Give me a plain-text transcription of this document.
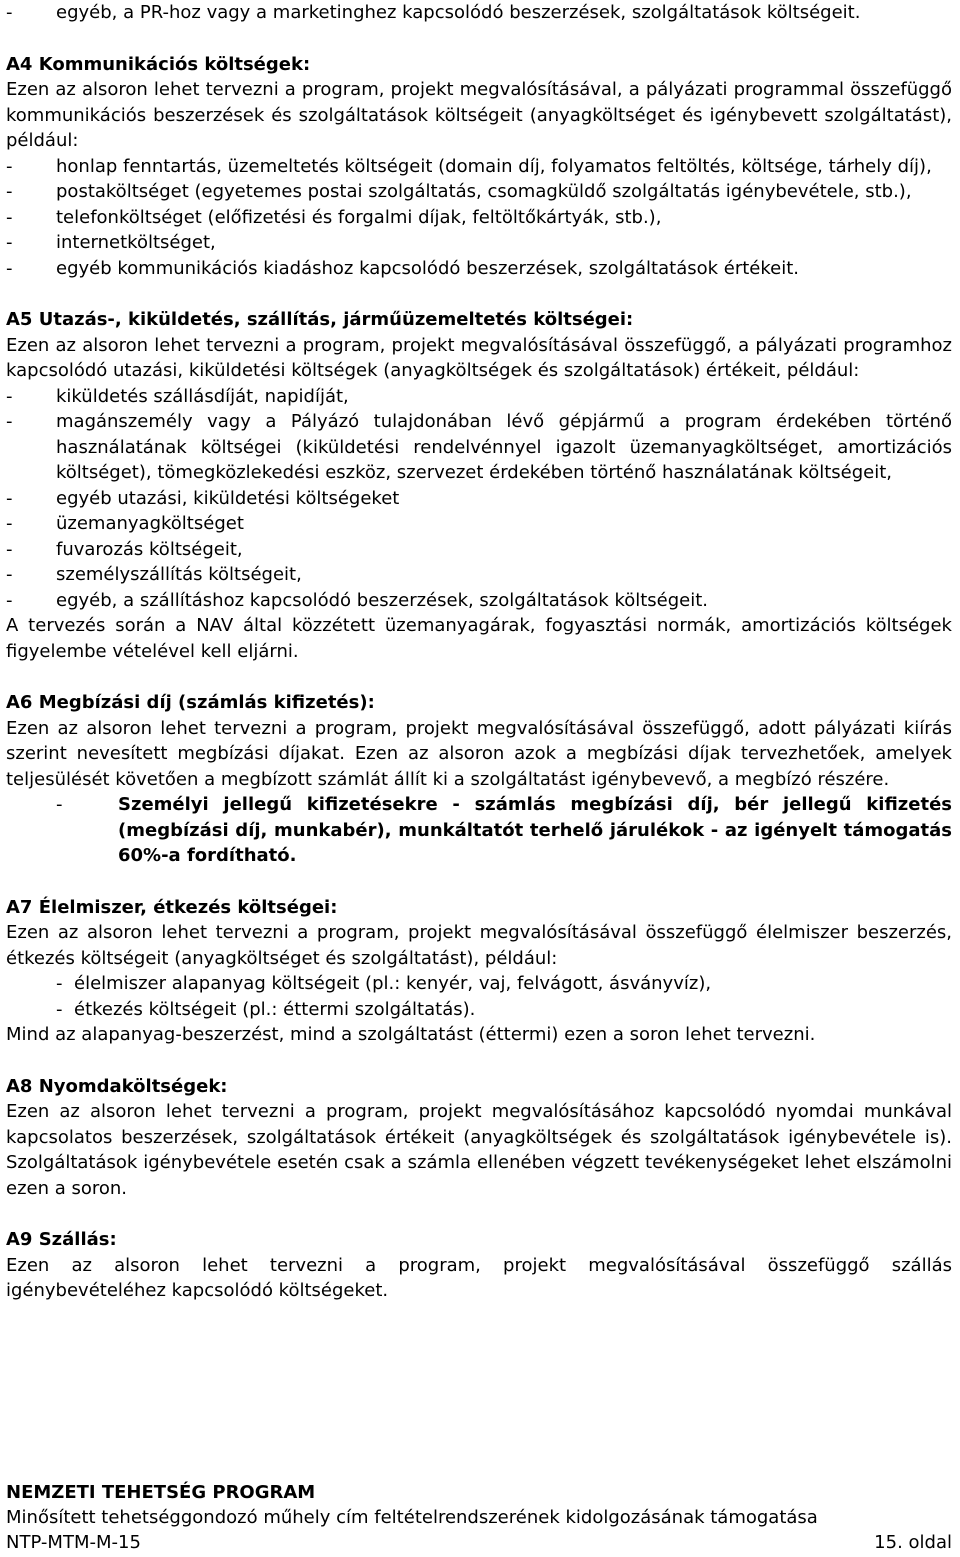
-	egyéb, a PR-hoz vagy a marketinghez kapcsolódó beszerzések, szolgáltatások költségeit.
A4 Kommunikációs költségek:
Ezen az alsoron lehet tervezni a program, projekt megvalósításával, a pályázati programmal összefüggő kommunikációs beszerzések és szolgáltatások költségeit (anyagköltséget és igénybevett szolgáltatást), például:
-	honlap fenntartás, üzemeltetés költségeit (domain díj, folyamatos feltöltés, költsége, tárhely díj),
-	postaköltséget (egyetemes postai szolgáltatás, csomagküldő szolgáltatás igénybevétele, stb.),
-	telefonköltséget (előfizetési és forgalmi díjak, feltöltőkártyák, stb.),
-	internetköltséget,
-	egyéb kommunikációs kiadáshoz kapcsolódó beszerzések, szolgáltatások értékeit.
A5 Utazás-, kiküldetés, szállítás, járműüzemeltetés költségei:
Ezen az alsoron lehet tervezni a program, projekt megvalósításával összefüggő, a pályázati programhoz kapcsolódó utazási, kiküldetési költségek (anyagköltségek és szolgáltatások) értékeit, például:
-	kiküldetés szállásdíját, napidíját,
-	magánszemély vagy a Pályázó tulajdonában lévő gépjármű a program érdekében történő használatának költségei (kiküldetési rendelvénnyel igazolt üzemanyagköltséget, amortizációs költséget), tömegközlekedési eszköz, szervezet érdekében történő használatának költségeit,
-	egyéb utazási, kiküldetési költségeket
-	üzemanyagköltséget
-	fuvarozás költségeit,
-	személyszállítás költségeit,
-	egyéb, a szállításhoz kapcsolódó beszerzések, szolgáltatások költségeit.
A tervezés során a NAV által közzétett üzemanyagárak, fogyasztási normák, amortizációs költségek figyelembe vételével kell eljárni.
A6 Megbízási díj (számlás kifizetés):
Ezen az alsoron lehet tervezni a program, projekt megvalósításával összefüggő, adott pályázati kiírás szerint nevesített megbízási díjakat. Ezen az alsoron azok a megbízási díjak tervezhetőek, amelyek teljesülését követően a megbízott számlát állít ki a szolgáltatást igénybevevő, a megbízó részére.
-	Személyi jellegű kifizetésekre - számlás megbízási díj, bér jellegű kifizetés (megbízási díj, munkabér), munkáltatót terhelő járulékok - az igényelt támogatás 60%-a fordítható.
A7 Élelmiszer, étkezés költségei:
Ezen az alsoron lehet tervezni a program, projekt megvalósításával összefüggő élelmiszer beszerzés, étkezés költségeit (anyagköltséget és szolgáltatást), például:
- élelmiszer alapanyag költségeit (pl.: kenyér, vaj, felvágott, ásványvíz),
- étkezés költségeit (pl.: éttermi szolgáltatás).
Mind az alapanyag-beszerzést, mind a szolgáltatást (éttermi) ezen a soron lehet tervezni.
A8 Nyomdaköltségek:
Ezen az alsoron lehet tervezni a program, projekt megvalósításához kapcsolódó nyomdai munkával kapcsolatos beszerzések, szolgáltatások értékeit (anyagköltségek és szolgáltatások igénybevétele is). Szolgáltatások igénybevétele esetén csak a számla ellenében végzett tevékenységeket lehet elszámolni ezen a soron.
A9 Szállás:
Ezen az alsoron lehet tervezni a program, projekt megvalósításával összefüggő szállás igénybevételéhez kapcsolódó költségeket.
NEMZETI TEHETSÉG PROGRAM
Minősített tehetséggondozó műhely cím feltételrendszerének kidolgozásának támogatása
NTP-MTM-M-15	15. oldal
